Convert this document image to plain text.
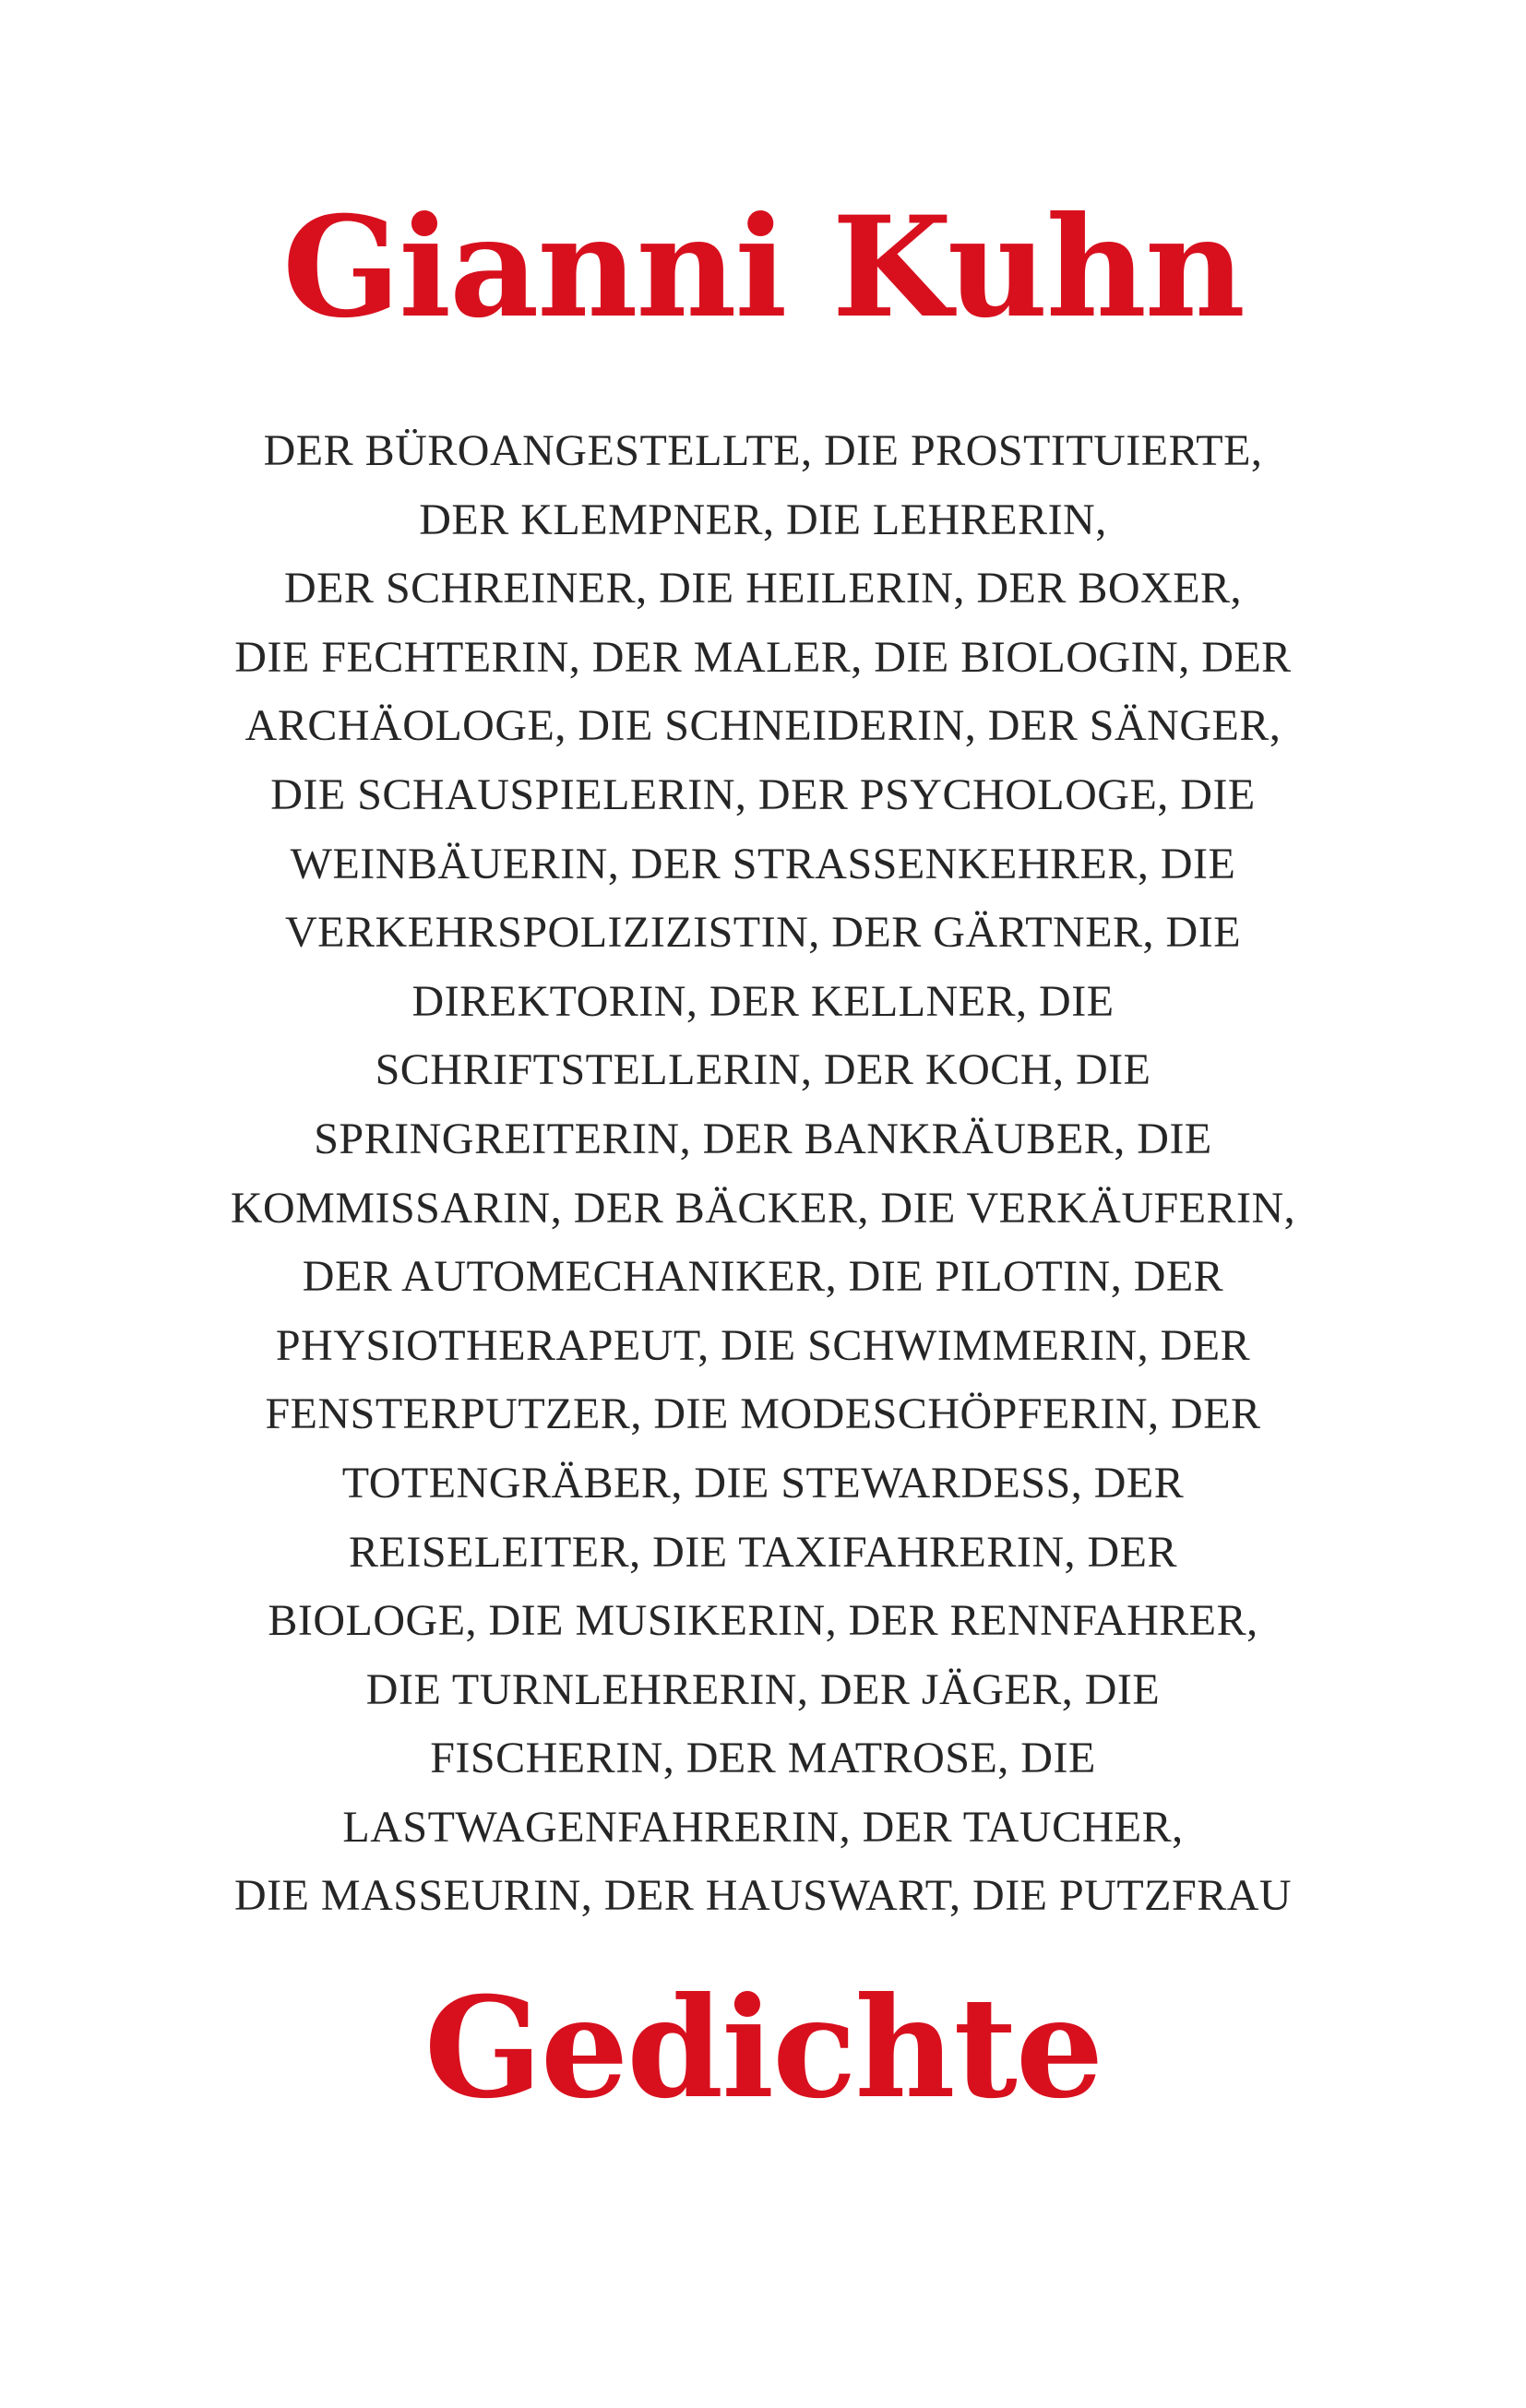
Gianni Kuhn
DER BÜROANGESTELLTE, DIE PROSTITUIERTE,
DER KLEMPNER, DIE LEHRERIN,
DER SCHREINER, DIE HEILERIN, DER BOXER,
DIE FECHTERIN, DER MALER, DIE BIOLOGIN, DER
ARCHÄOLOGE, DIE SCHNEIDERIN, DER SÄNGER,
DIE SCHAUSPIELERIN, DER PSYCHOLOGE, DIE
WEINBÄUERIN, DER STRASSENKEHRER, DIE
VERKEHRSPOLIZIZISTIN, DER GÄRTNER, DIE
DIREKTORIN, DER KELLNER, DIE
SCHRIFTSTELLERIN, DER KOCH, DIE
SPRINGREITERIN, DER BANKRÄUBER, DIE
KOMMISSARIN, DER BÄCKER, DIE VERKÄUFERIN,
DER AUTOMECHANIKER, DIE PILOTIN, DER
PHYSIOTHERAPEUT, DIE SCHWIMMERIN, DER
FENSTERPUTZER, DIE MODESCHÖPFERIN, DER
TOTENGRÄBER, DIE STEWARDESS, DER
REISELEITER, DIE TAXIFAHRERIN, DER
BIOLOGE, DIE MUSIKERIN, DER RENNFAHRER,
DIE TURNLEHRERIN, DER JÄGER, DIE
FISCHERIN, DER MATROSE, DIE
LASTWAGENFAHRERIN, DER TAUCHER,
DIE MASSEURIN, DER HAUSWART, DIE PUTZFRAU
Gedichte
